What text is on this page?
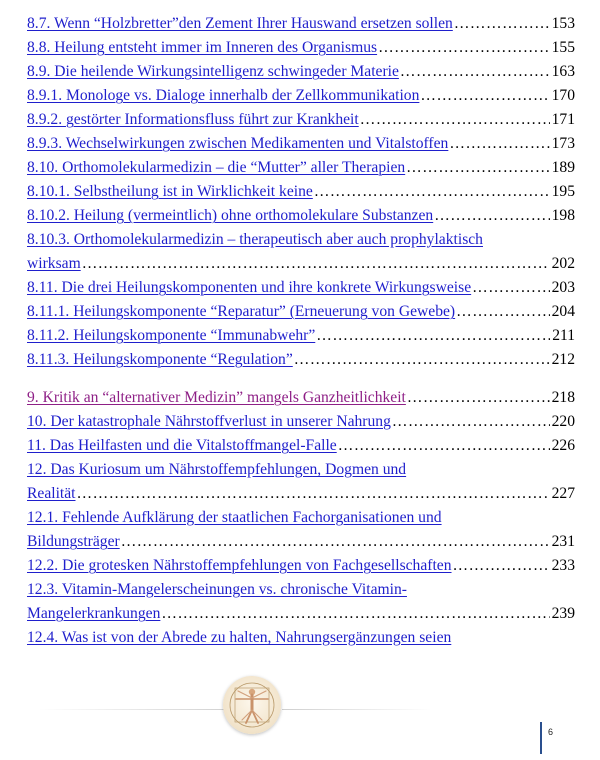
8.7. Wenn “Holzbretter”den Zement Ihrer Hauswand ersetzen sollen …………………………………………………………………………………………………………………………………………………………………………………	153
8.8. Heilung entsteht immer im Inneren des Organismus …………………………………………………………………………………………………………………………………………………………………………………	155
8.9. Die heilende Wirkungsintelligenz schwingeder Materie …………………………………………………………………………………………………………………………………………………………………………………	163
8.9.1. Monologe vs. Dialoge innerhalb der Zellkommunikation …………………………………………………………………………………………………………………………………………………………………………………	170
8.9.2. gestörter Informationsfluss führt zur Krankheit …………………………………………………………………………………………………………………………………………………………………………………	171
8.9.3. Wechselwirkungen zwischen Medikamenten und Vitalstoffen …………………………………………………………………………………………………………………………………………………………………………………	173
8.10. Orthomolekularmedizin – die “Mutter” aller Therapien …………………………………………………………………………………………………………………………………………………………………………………	189
8.10.1. Selbstheilung ist in Wirklichkeit keine …………………………………………………………………………………………………………………………………………………………………………………	195
8.10.2. Heilung (vermeintlich) ohne orthomolekulare Substanzen …………………………………………………………………………………………………………………………………………………………………………………	198
8.10.3. Orthomolekularmedizin – therapeutisch aber auch prophylaktisch
wirksam …………………………………………………………………………………………………………………………………………………………………………………	202
8.11. Die drei Heilungskomponenten und ihre konkrete Wirkungsweise …………………………………………………………………………………………………………………………………………………………………………………	203
8.11.1. Heilungskomponente “Reparatur” (Erneuerung von Gewebe) …………………………………………………………………………………………………………………………………………………………………………………	204
8.11.2. Heilungskomponente “Immunabwehr” …………………………………………………………………………………………………………………………………………………………………………………	211
8.11.3. Heilungskomponente “Regulation” …………………………………………………………………………………………………………………………………………………………………………………	212
9. Kritik an “alternativer Medizin” mangels Ganzheitlichkeit …………………………………………………………………………………………………………………………………………………………………………………	218
10. Der katastrophale Nährstoffverlust in unserer Nahrung …………………………………………………………………………………………………………………………………………………………………………………	220
11. Das Heilfasten und die Vitalstoffmangel-Falle …………………………………………………………………………………………………………………………………………………………………………………	226
12. Das Kuriosum um Nährstoffempfehlungen, Dogmen und
Realität …………………………………………………………………………………………………………………………………………………………………………………	227
12.1. Fehlende Aufklärung der staatlichen Fachorganisationen und
Bildungsträger …………………………………………………………………………………………………………………………………………………………………………………	231
12.2. Die grotesken Nährstoffempfehlungen von Fachgesellschaften …………………………………………………………………………………………………………………………………………………………………………………	233
12.3. Vitamin-Mangelerscheinungen vs. chronische Vitamin-
Mangelerkrankungen …………………………………………………………………………………………………………………………………………………………………………………	239
12.4. Was ist von der Abrede zu halten, Nahrungsergänzungen seien
6
